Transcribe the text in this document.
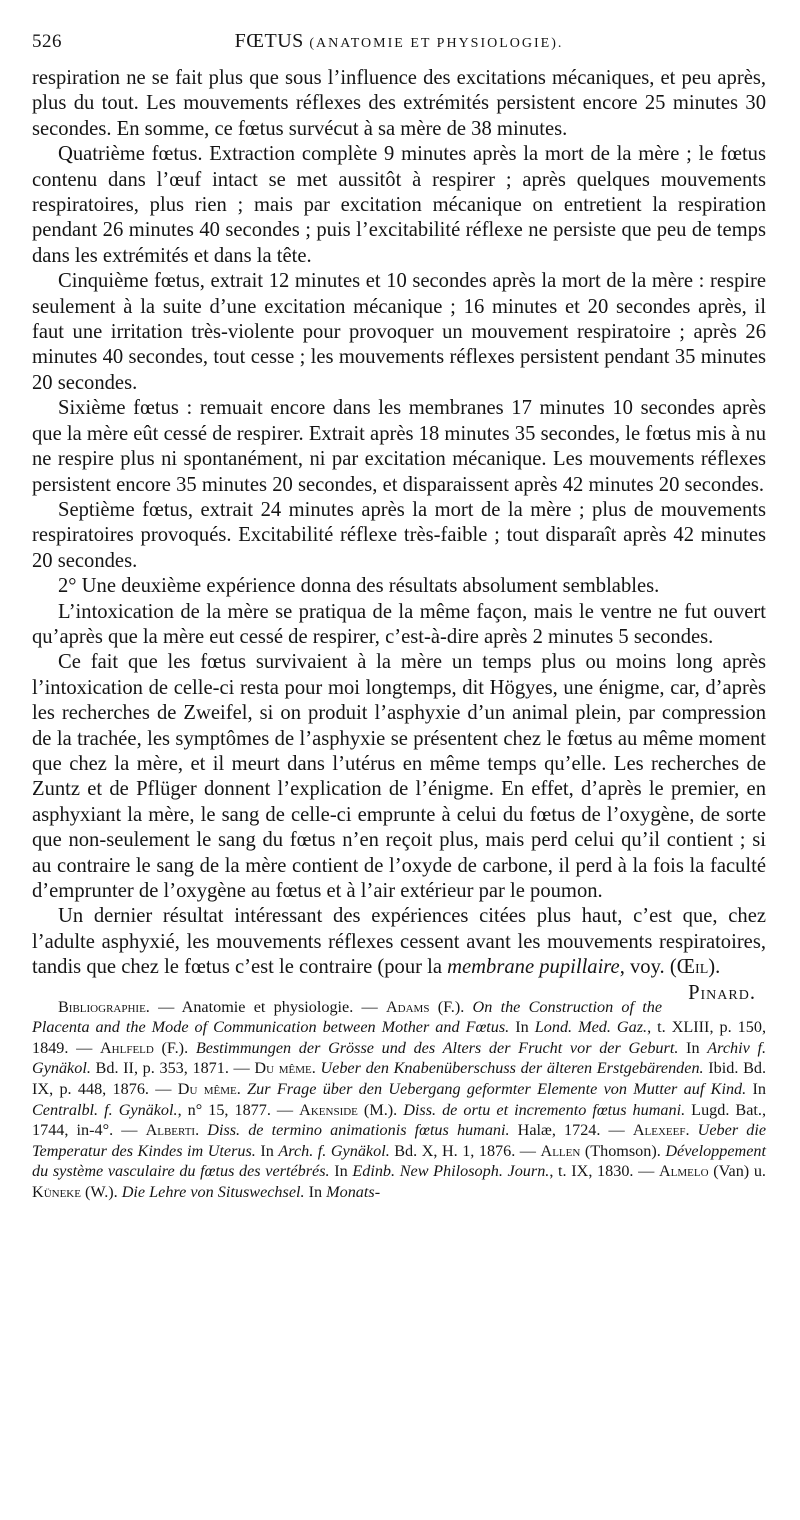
526	FŒTUS (ANATOMIE ET PHYSIOLOGIE).

respiration ne se fait plus que sous l’influence des excitations mécaniques, et peu après, plus du tout. Les mouvements réflexes des extrémités persistent encore 25 minutes 30 secondes. En somme, ce fœtus survécut à sa mère de 38 minutes.

Quatrième fœtus. Extraction complète 9 minutes après la mort de la mère ; le fœtus contenu dans l’œuf intact se met aussitôt à respirer ; après quelques mouvements respiratoires, plus rien ; mais par excitation mécanique on entretient la respiration pendant 26 minutes 40 secondes ; puis l’excitabilité réflexe ne persiste que peu de temps dans les extrémités et dans la tête.

Cinquième fœtus, extrait 12 minutes et 10 secondes après la mort de la mère : respire seulement à la suite d’une excitation mécanique ; 16 minutes et 20 secondes après, il faut une irritation très-violente pour provoquer un mouvement respiratoire ; après 26 minutes 40 secondes, tout cesse ; les mouvements réflexes persistent pendant 35 minutes 20 secondes.

Sixième fœtus : remuait encore dans les membranes 17 minutes 10 secondes après que la mère eût cessé de respirer. Extrait après 18 minutes 35 secondes, le fœtus mis à nu ne respire plus ni spontanément, ni par excitation mécanique. Les mouvements réflexes persistent encore 35 minutes 20 secondes, et disparaissent après 42 minutes 20 secondes.

Septième fœtus, extrait 24 minutes après la mort de la mère ; plus de mouvements respiratoires provoqués. Excitabilité réflexe très-faible ; tout disparaît après 42 minutes 20 secondes.

2° Une deuxième expérience donna des résultats absolument semblables.

L’intoxication de la mère se pratiqua de la même façon, mais le ventre ne fut ouvert qu’après que la mère eut cessé de respirer, c’est-à-dire après 2 minutes 5 secondes.

Ce fait que les fœtus survivaient à la mère un temps plus ou moins long après l’intoxication de celle-ci resta pour moi longtemps, dit Högyes, une énigme, car, d’après les recherches de Zweifel, si on produit l’asphyxie d’un animal plein, par compression de la trachée, les symptômes de l’asphyxie se présentent chez le fœtus au même moment que chez la mère, et il meurt dans l’utérus en même temps qu’elle. Les recherches de Zuntz et de Pflüger donnent l’explication de l’énigme. En effet, d’après le premier, en asphyxiant la mère, le sang de celle-ci emprunte à celui du fœtus de l’oxygène, de sorte que non-seulement le sang du fœtus n’en reçoit plus, mais perd celui qu’il contient ; si au contraire le sang de la mère contient de l’oxyde de carbone, il perd à la fois la faculté d’emprunter de l’oxygène au fœtus et à l’air extérieur par le poumon.

Un dernier résultat intéressant des expériences citées plus haut, c’est que, chez l’adulte asphyxié, les mouvements réflexes cessent avant les mouvements respiratoires, tandis que chez le fœtus c’est le contraire (pour la membrane pupillaire, voy. (Œil).
Pinard.

Bibliographie. — Anatomie et physiologie. — Adams (F.). On the Construction of the Placenta and the Mode of Communication between Mother and Fœtus. In Lond. Med. Gaz., t. XLIII, p. 150, 1849. — Ahlfeld (F.). Bestimmungen der Grösse und des Alters der Frucht vor der Geburt. In Archiv f. Gynäkol. Bd. II, p. 353, 1871. — Du même. Ueber den Knabenüberschuss der älteren Erstgebärenden. Ibid. Bd. IX, p. 448, 1876. — Du même. Zur Frage über den Uebergang geformter Elemente von Mutter auf Kind. In Centralbl. f. Gynäkol., n° 15, 1877. — Akenside (M.). Diss. de ortu et incremento fœtus humani. Lugd. Bat., 1744, in-4°. — Alberti. Diss. de termino animationis fœtus humani. Halæ, 1724. — Alexeef. Ueber die Temperatur des Kindes im Uterus. In Arch. f. Gynäkol. Bd. X, H. 1, 1876. — Allen (Thomson). Développement du système vasculaire du fœtus des vertébrés. In Edinb. New Philosoph. Journ., t. IX, 1830. — Almelo (Van) u. Küneke (W.). Die Lehre von Situswechsel. In Monats-
